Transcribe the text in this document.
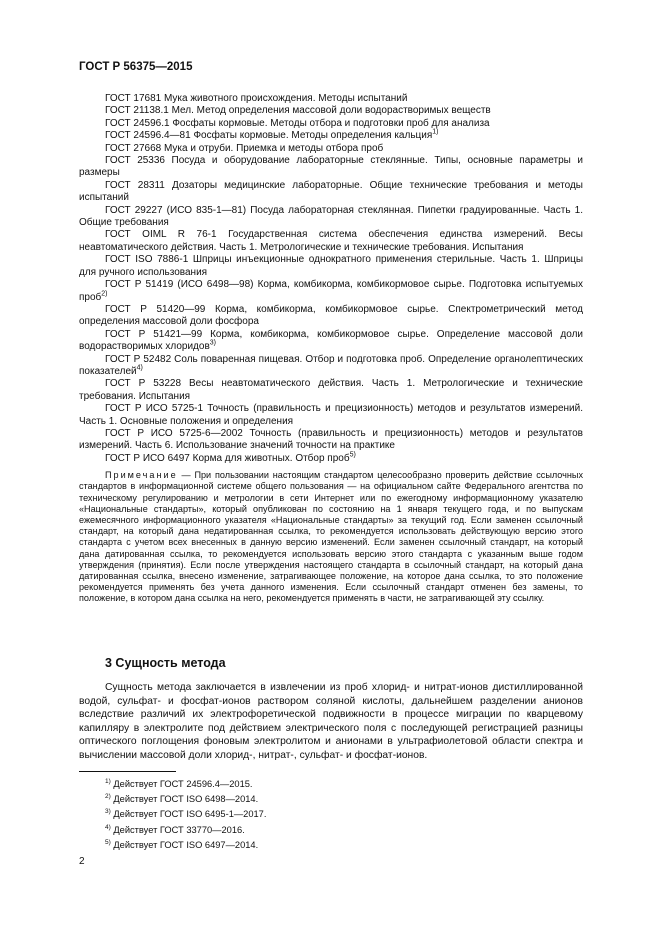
ГОСТ Р 56375—2015

ГОСТ 17681 Мука животного происхождения. Методы испытаний

ГОСТ 21138.1 Мел. Метод определения массовой доли водорастворимых веществ

ГОСТ 24596.1 Фосфаты кормовые. Методы отбора и подготовки проб для анализа

ГОСТ 24596.4—81 Фосфаты кормовые. Методы определения кальция$^{1)}$

ГОСТ 27668 Мука и отруби. Приемка и методы отбора проб

ГОСТ 25336 Посуда и оборудование лабораторные стеклянные. Типы, основные параметры и размеры

ГОСТ 28311 Дозаторы медицинские лабораторные. Общие технические требования и методы испытаний

ГОСТ 29227 (ИСО 835-1—81) Посуда лабораторная стеклянная. Пипетки градуированные. Часть 1. Общие требования

ГОСТ OIML R 76-1 Государственная система обеспечения единства измерений. Весы неавтоматического действия. Часть 1. Метрологические и технические требования. Испытания

ГОСТ ISO 7886-1 Шприцы инъекционные однократного применения стерильные. Часть 1. Шприцы для ручного использования

ГОСТ Р 51419 (ИСО 6498—98) Корма, комбикорма, комбикормовое сырье. Подготовка испытуемых проб$^{2)}$

ГОСТ Р 51420—99 Корма, комбикорма, комбикормовое сырье. Спектрометрический метод определения массовой доли фосфора

ГОСТ Р 51421—99 Корма, комбикорма, комбикормовое сырье. Определение массовой доли водорастворимых хлоридов$^{3)}$

ГОСТ Р 52482 Соль поваренная пищевая. Отбор и подготовка проб. Определение органолептических показателей$^{4)}$

ГОСТ Р 53228 Весы неавтоматического действия. Часть 1. Метрологические и технические требования. Испытания

ГОСТ Р ИСО 5725-1 Точность (правильность и прецизионность) методов и результатов измерений. Часть 1. Основные положения и определения

ГОСТ Р ИСО 5725-6—2002 Точность (правильность и прецизионность) методов и результатов измерений. Часть 6. Использование значений точности на практике

ГОСТ Р ИСО 6497 Корма для животных. Отбор проб$^{5)}$

Примечание — При пользовании настоящим стандартом целесообразно проверить действие ссылочных стандартов в информационной системе общего пользования — на официальном сайте Федерального агентства по техническому регулированию и метрологии в сети Интернет или по ежегодному информационному указателю «Национальные стандарты», который опубликован по состоянию на 1 января текущего года, и по выпускам ежемесячного информационного указателя «Национальные стандарты» за текущий год. Если заменен ссылочный стандарт, на который дана недатированная ссылка, то рекомендуется использовать действующую версию этого стандарта с учетом всех внесенных в данную версию изменений. Если заменен ссылочный стандарт, на который дана датированная ссылка, то рекомендуется использовать версию этого стандарта с указанным выше годом утверждения (принятия). Если после утверждения настоящего стандарта в ссылочный стандарт, на который дана датированная ссылка, внесено изменение, затрагивающее положение, на которое дана ссылка, то это положение рекомендуется применять без учета данного изменения. Если ссылочный стандарт отменен без замены, то положение, в котором дана ссылка на него, рекомендуется применять в части, не затрагивающей эту ссылку.
3 Сущность метода

Сущность метода заключается в извлечении из проб хлорид- и нитрат-ионов дистиллированной водой, сульфат- и фосфат-ионов раствором соляной кислоты, дальнейшем разделении анионов вследствие различий их электрофоретической подвижности в процессе миграции по кварцевому капилляру в электролите под действием электрического поля с последующей регистрацией разницы оптического поглощения фоновым электролитом и анионами в ультрафиолетовой области спектра и вычислении массовой доли хлорид-, нитрат-, сульфат- и фосфат-ионов.

$^{1)}$ Действует ГОСТ 24596.4—2015.
$^{2)}$ Действует ГОСТ ISO 6498—2014.
$^{3)}$ Действует ГОСТ ISO 6495-1—2017.
$^{4)}$ Действует ГОСТ 33770—2016.
$^{5)}$ Действует ГОСТ ISO 6497—2014.
2
